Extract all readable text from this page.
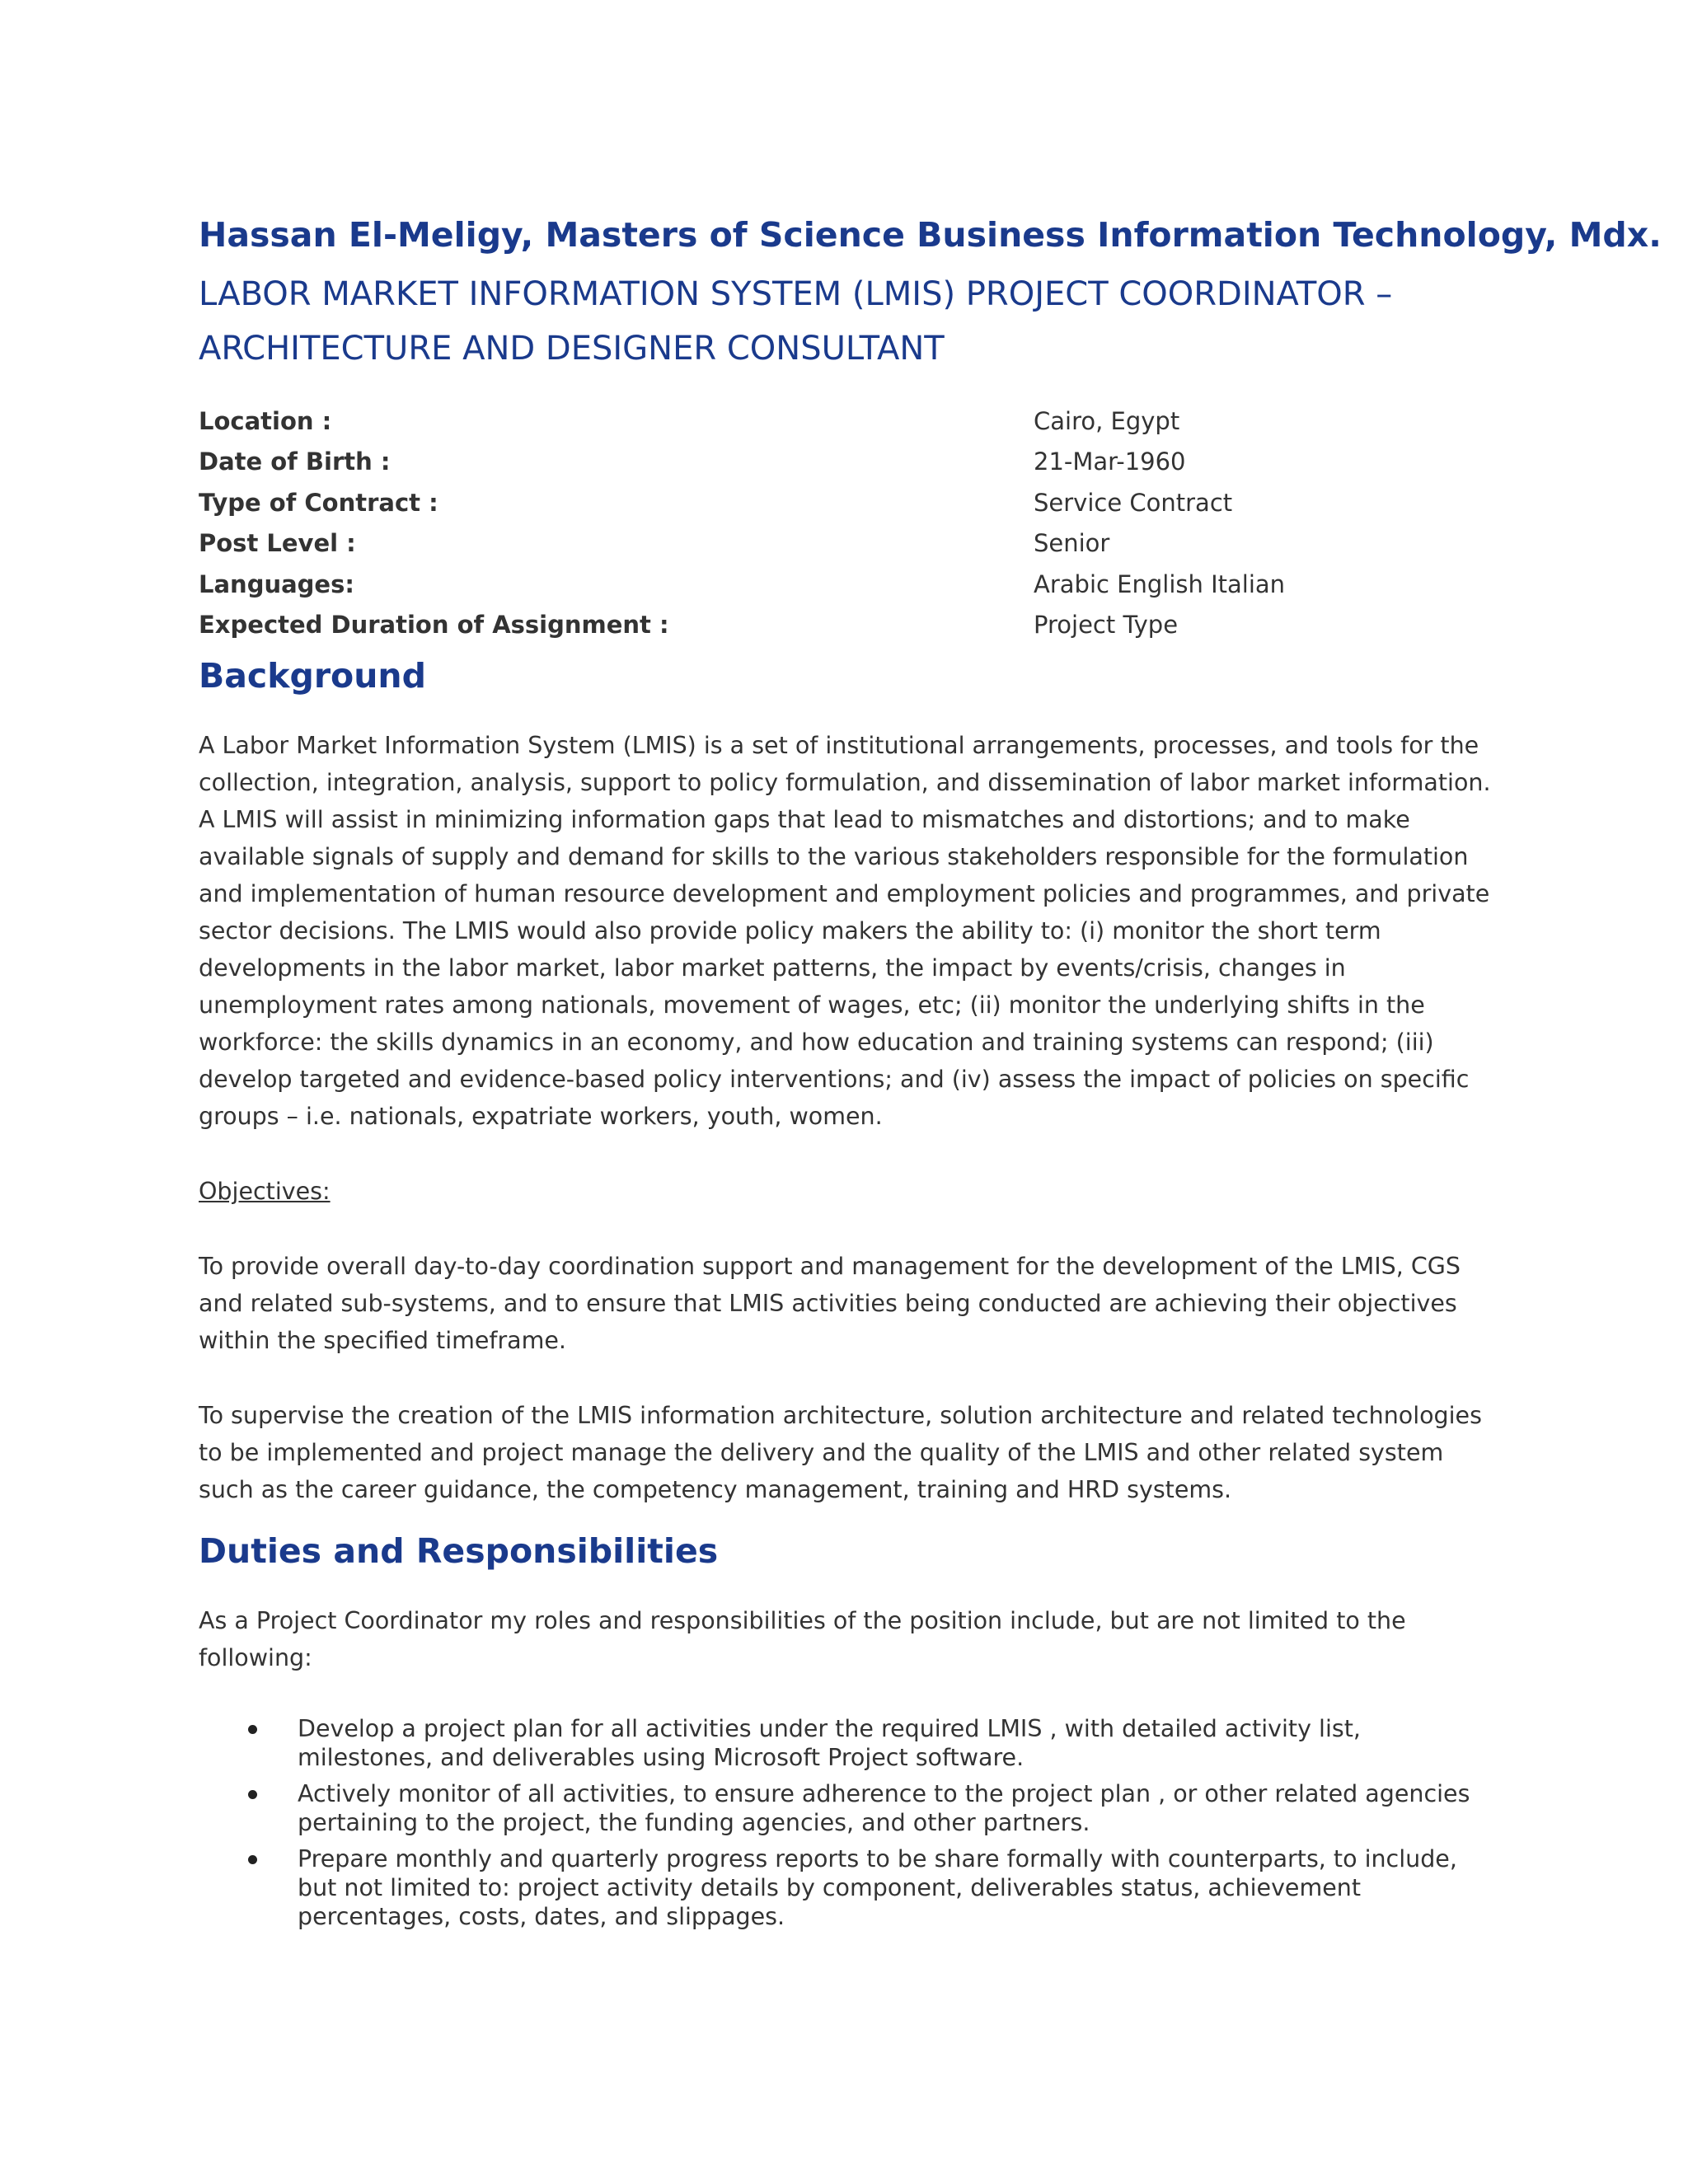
Hassan El-Meligy, Masters of Science Business Information Technology, Mdx.
LABOR MARKET INFORMATION SYSTEM (LMIS) PROJECT COORDINATOR –
ARCHITECTURE AND DESIGNER CONSULTANT
Location :	Cairo, Egypt
Date of Birth :	21-Mar-1960
Type of Contract :	Service Contract
Post Level :	Senior
Languages:	Arabic English Italian
Expected Duration of Assignment :	Project Type
Background

A Labor Market Information System (LMIS) is a set of institutional arrangements, processes, and tools for the collection, integration, analysis, support to policy formulation, and dissemination of labor market information. A LMIS will assist in minimizing information gaps that lead to mismatches and distortions; and to make available signals of supply and demand for skills to the various stakeholders responsible for the formulation and implementation of human resource development and employment policies and programmes, and private sector decisions. The LMIS would also provide policy makers the ability to: (i) monitor the short term developments in the labor market, labor market patterns, the impact by events/crisis, changes in unemployment rates among nationals, movement of wages, etc; (ii) monitor the underlying shifts in the workforce: the skills dynamics in an economy, and how education and training systems can respond; (iii) develop targeted and evidence-based policy interventions; and (iv) assess the impact of policies on specific groups – i.e. nationals, expatriate workers, youth, women.

Objectives:

To provide overall day-to-day coordination support and management for the development of the LMIS, CGS and related sub-systems, and to ensure that LMIS activities being conducted are achieving their objectives within the specified timeframe.

To supervise the creation of the LMIS information architecture, solution architecture and related technologies to be implemented and project manage the delivery and the quality of the LMIS and other related system such as the career guidance, the competency management, training and HRD systems.

Duties and Responsibilities

As a Project Coordinator my roles and responsibilities of the position include, but are not limited to the following:

Develop a project plan for all activities under the required LMIS , with detailed activity list, milestones, and deliverables using Microsoft Project software.
Actively monitor of all activities, to ensure adherence to the project plan , or other related agencies pertaining to the project, the funding agencies, and other partners.
Prepare monthly and quarterly progress reports to be share formally with counterparts, to include, but not limited to: project activity details by component, deliverables status, achievement percentages, costs, dates, and slippages.
